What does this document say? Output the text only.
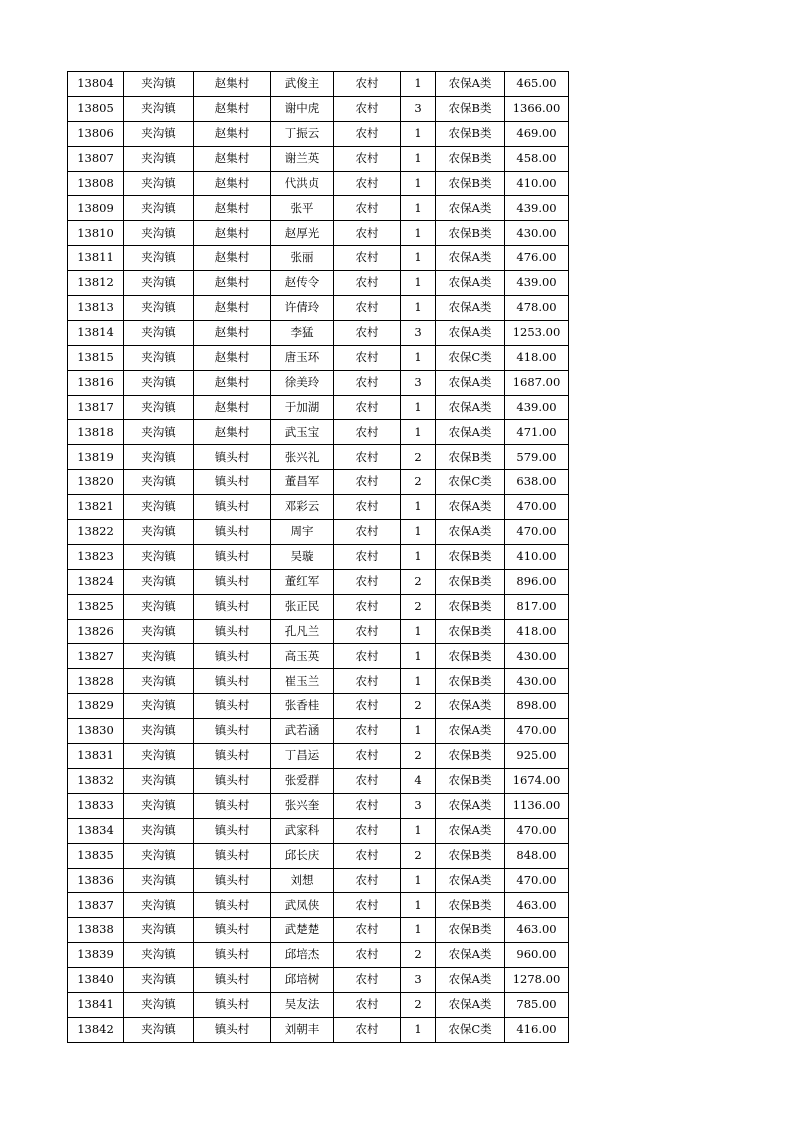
13804	夹沟镇	赵集村	武俊主	农村	1	农保A类	465.00
13805	夹沟镇	赵集村	谢中虎	农村	3	农保B类	1366.00
13806	夹沟镇	赵集村	丁振云	农村	1	农保B类	469.00
13807	夹沟镇	赵集村	谢兰英	农村	1	农保B类	458.00
13808	夹沟镇	赵集村	代洪贞	农村	1	农保B类	410.00
13809	夹沟镇	赵集村	张平	农村	1	农保A类	439.00
13810	夹沟镇	赵集村	赵厚光	农村	1	农保B类	430.00
13811	夹沟镇	赵集村	张丽	农村	1	农保A类	476.00
13812	夹沟镇	赵集村	赵传令	农村	1	农保A类	439.00
13813	夹沟镇	赵集村	许倩玲	农村	1	农保A类	478.00
13814	夹沟镇	赵集村	李猛	农村	3	农保A类	1253.00
13815	夹沟镇	赵集村	唐玉环	农村	1	农保C类	418.00
13816	夹沟镇	赵集村	徐美玲	农村	3	农保A类	1687.00
13817	夹沟镇	赵集村	于加湖	农村	1	农保A类	439.00
13818	夹沟镇	赵集村	武玉宝	农村	1	农保A类	471.00
13819	夹沟镇	镇头村	张兴礼	农村	2	农保B类	579.00
13820	夹沟镇	镇头村	董昌军	农村	2	农保C类	638.00
13821	夹沟镇	镇头村	邓彩云	农村	1	农保A类	470.00
13822	夹沟镇	镇头村	周宇	农村	1	农保A类	470.00
13823	夹沟镇	镇头村	吴璇	农村	1	农保B类	410.00
13824	夹沟镇	镇头村	董红军	农村	2	农保B类	896.00
13825	夹沟镇	镇头村	张正民	农村	2	农保B类	817.00
13826	夹沟镇	镇头村	孔凡兰	农村	1	农保B类	418.00
13827	夹沟镇	镇头村	高玉英	农村	1	农保B类	430.00
13828	夹沟镇	镇头村	崔玉兰	农村	1	农保B类	430.00
13829	夹沟镇	镇头村	张香桂	农村	2	农保A类	898.00
13830	夹沟镇	镇头村	武若涵	农村	1	农保A类	470.00
13831	夹沟镇	镇头村	丁昌运	农村	2	农保B类	925.00
13832	夹沟镇	镇头村	张爱群	农村	4	农保B类	1674.00
13833	夹沟镇	镇头村	张兴奎	农村	3	农保A类	1136.00
13834	夹沟镇	镇头村	武家科	农村	1	农保A类	470.00
13835	夹沟镇	镇头村	邱长庆	农村	2	农保B类	848.00
13836	夹沟镇	镇头村	刘想	农村	1	农保A类	470.00
13837	夹沟镇	镇头村	武凤侠	农村	1	农保B类	463.00
13838	夹沟镇	镇头村	武楚楚	农村	1	农保B类	463.00
13839	夹沟镇	镇头村	邱培杰	农村	2	农保A类	960.00
13840	夹沟镇	镇头村	邱培树	农村	3	农保A类	1278.00
13841	夹沟镇	镇头村	吴友法	农村	2	农保A类	785.00
13842	夹沟镇	镇头村	刘朝丰	农村	1	农保C类	416.00
